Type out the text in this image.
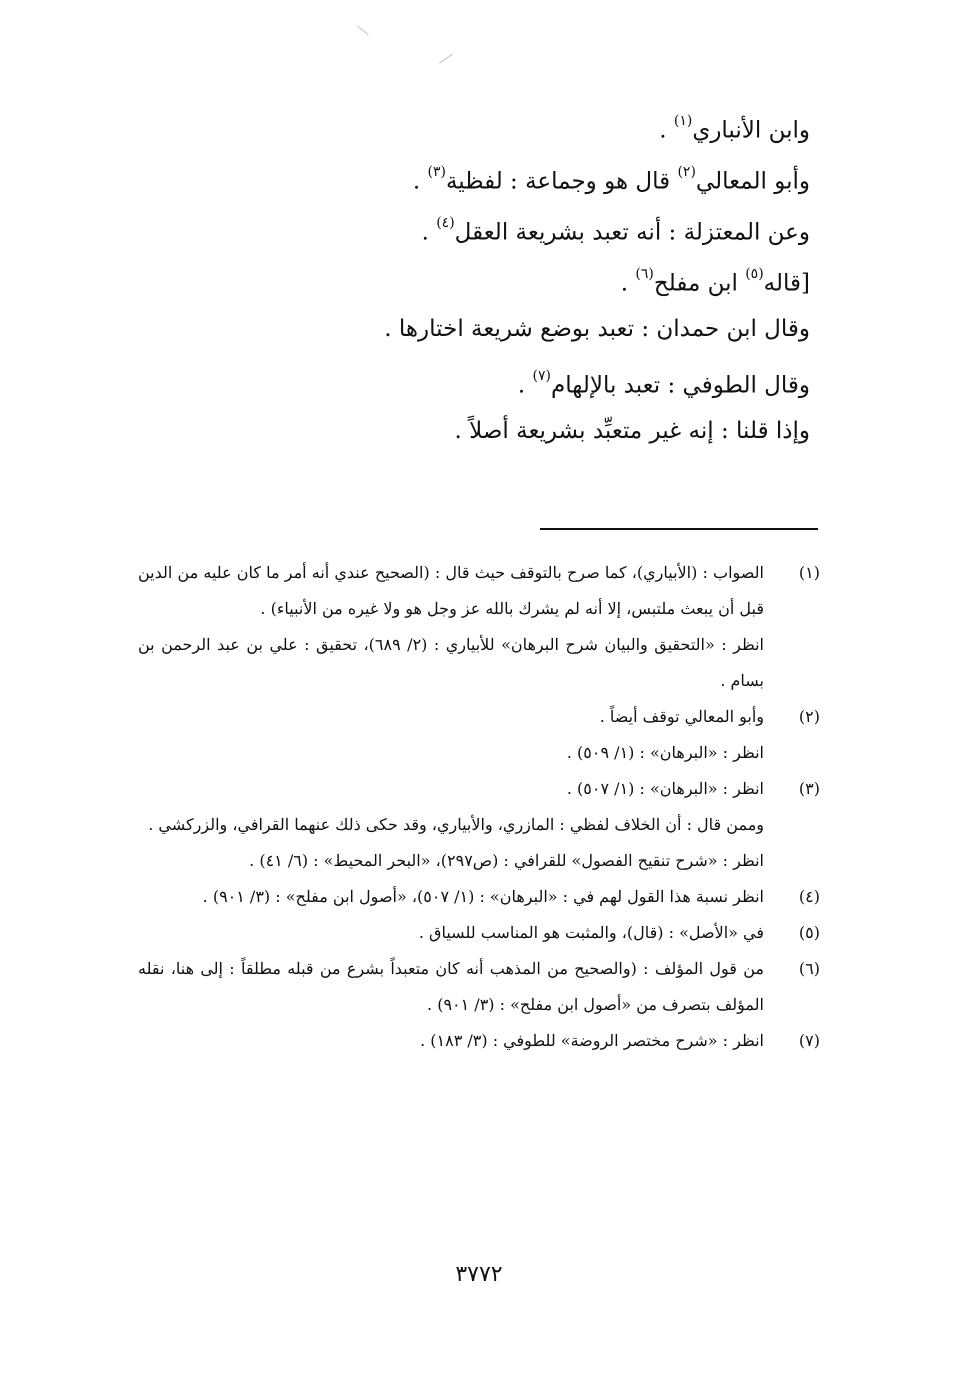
وابن الأنباري$^{(١)}$ .
وأبو المعالي$^{(٢)}$ قال هو وجماعة : لفظية$^{(٣)}$ .
وعن المعتزلة : أنه تعبد بشريعة العقل$^{(٤)}$ .
[قاله$^{(٥)}$ ابن مفلح$^{(٦)}$ .
وقال ابن حمدان : تعبد بوضع شريعة اختارها .
وقال الطوفي : تعبد بالإلهام$^{(٧)}$ .
وإذا قلنا : إنه غير متعبِّد بشريعة أصلاً .
(١)
الصواب : (الأبياري)، كما صرح بالتوقف حيث قال : (الصحيح عندي أنه أمر ما كان عليه من الدين قبل أن يبعث ملتبس، إلا أنه لم يشرك بالله عز وجل هو ولا غيره من الأنبياء) .
انظر : «التحقيق والبيان شرح البرهان» للأبياري : (٢/ ٦٨٩)، تحقيق : علي بن عبد الرحمن بن بسام .
(٢)
وأبو المعالي توقف أيضاً .
انظر : «البرهان» : (١/ ٥٠٩) .
(٣)
انظر : «البرهان» : (١/ ٥٠٧) .
وممن قال : أن الخلاف لفظي : المازري، والأبياري، وقد حكى ذلك عنهما القرافي، والزركشي .
انظر : «شرح تنقيح الفصول» للقرافي : (ص٢٩٧)، «البحر المحيط» : (٦/ ٤١) .
(٤)
انظر نسبة هذا القول لهم في : «البرهان» : (١/ ٥٠٧)، «أصول ابن مفلح» : (٣/ ٩٠١) .
(٥)
في «الأصل» : (قال)، والمثبت هو المناسب للسياق .
(٦)
من قول المؤلف : (والصحيح من المذهب أنه كان متعبداً بشرع من قبله مطلقاً : إلى هنا، نقله المؤلف بتصرف من «أصول ابن مفلح» : (٣/ ٩٠١) .
(٧)
انظر : «شرح مختصر الروضة» للطوفي : (٣/ ١٨٣) .
٣٧٧٢
